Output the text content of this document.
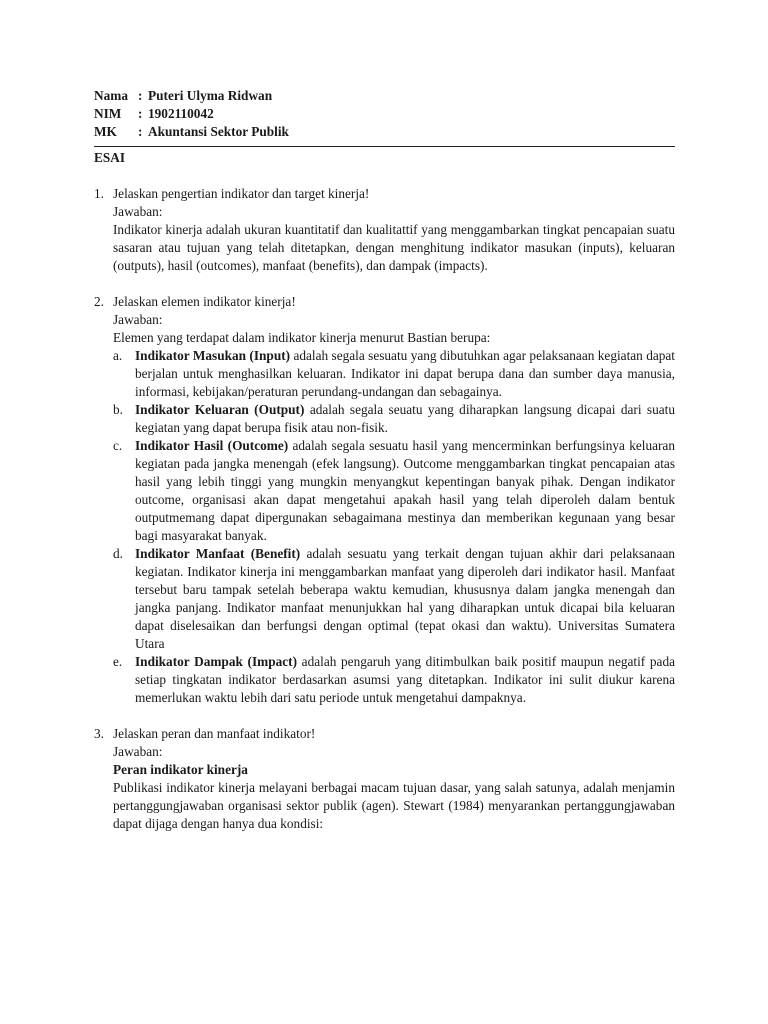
Nama : Puteri Ulyma Ridwan
NIM	: 1902110042
MK	: Akuntansi Sektor Publik
ESAI
1. Jelaskan pengertian indikator dan target kinerja!
Jawaban:
Indikator kinerja adalah ukuran kuantitatif dan kualitattif yang menggambarkan tingkat pencapaian suatu sasaran atau tujuan yang telah ditetapkan, dengan menghitung indikator masukan (inputs), keluaran (outputs), hasil (outcomes), manfaat (benefits), dan dampak (impacts).
2. Jelaskan elemen indikator kinerja!
Jawaban:
Elemen yang terdapat dalam indikator kinerja menurut Bastian berupa:
a. Indikator Masukan (Input) adalah segala sesuatu yang dibutuhkan agar pelaksanaan kegiatan dapat berjalan untuk menghasilkan keluaran. Indikator ini dapat berupa dana dan sumber daya manusia, informasi, kebijakan/peraturan perundang-undangan dan sebagainya.
b. Indikator Keluaran (Output) adalah segala seuatu yang diharapkan langsung dicapai dari suatu kegiatan yang dapat berupa fisik atau non-fisik.
c. Indikator Hasil (Outcome) adalah segala sesuatu hasil yang mencerminkan berfungsinya keluaran kegiatan pada jangka menengah (efek langsung). Outcome menggambarkan tingkat pencapaian atas hasil yang lebih tinggi yang mungkin menyangkut kepentingan banyak pihak. Dengan indikator outcome, organisasi akan dapat mengetahui apakah hasil yang telah diperoleh dalam bentuk outputmemang dapat dipergunakan sebagaimana mestinya dan memberikan kegunaan yang besar bagi masyarakat banyak.
d. Indikator Manfaat (Benefit) adalah sesuatu yang terkait dengan tujuan akhir dari pelaksanaan kegiatan. Indikator kinerja ini menggambarkan manfaat yang diperoleh dari indikator hasil. Manfaat tersebut baru tampak setelah beberapa waktu kemudian, khususnya dalam jangka menengah dan jangka panjang. Indikator manfaat menunjukkan hal yang diharapkan untuk dicapai bila keluaran dapat diselesaikan dan berfungsi dengan optimal (tepat okasi dan waktu). Universitas Sumatera Utara
e. Indikator Dampak (Impact) adalah pengaruh yang ditimbulkan baik positif maupun negatif pada setiap tingkatan indikator berdasarkan asumsi yang ditetapkan. Indikator ini sulit diukur karena memerlukan waktu lebih dari satu periode untuk mengetahui dampaknya.
3. Jelaskan peran dan manfaat indikator!
Jawaban:
Peran indikator kinerja
Publikasi indikator kinerja melayani berbagai macam tujuan dasar, yang salah satunya, adalah menjamin pertanggungjawaban organisasi sektor publik (agen). Stewart (1984) menyarankan pertanggungjawaban dapat dijaga dengan hanya dua kondisi:
